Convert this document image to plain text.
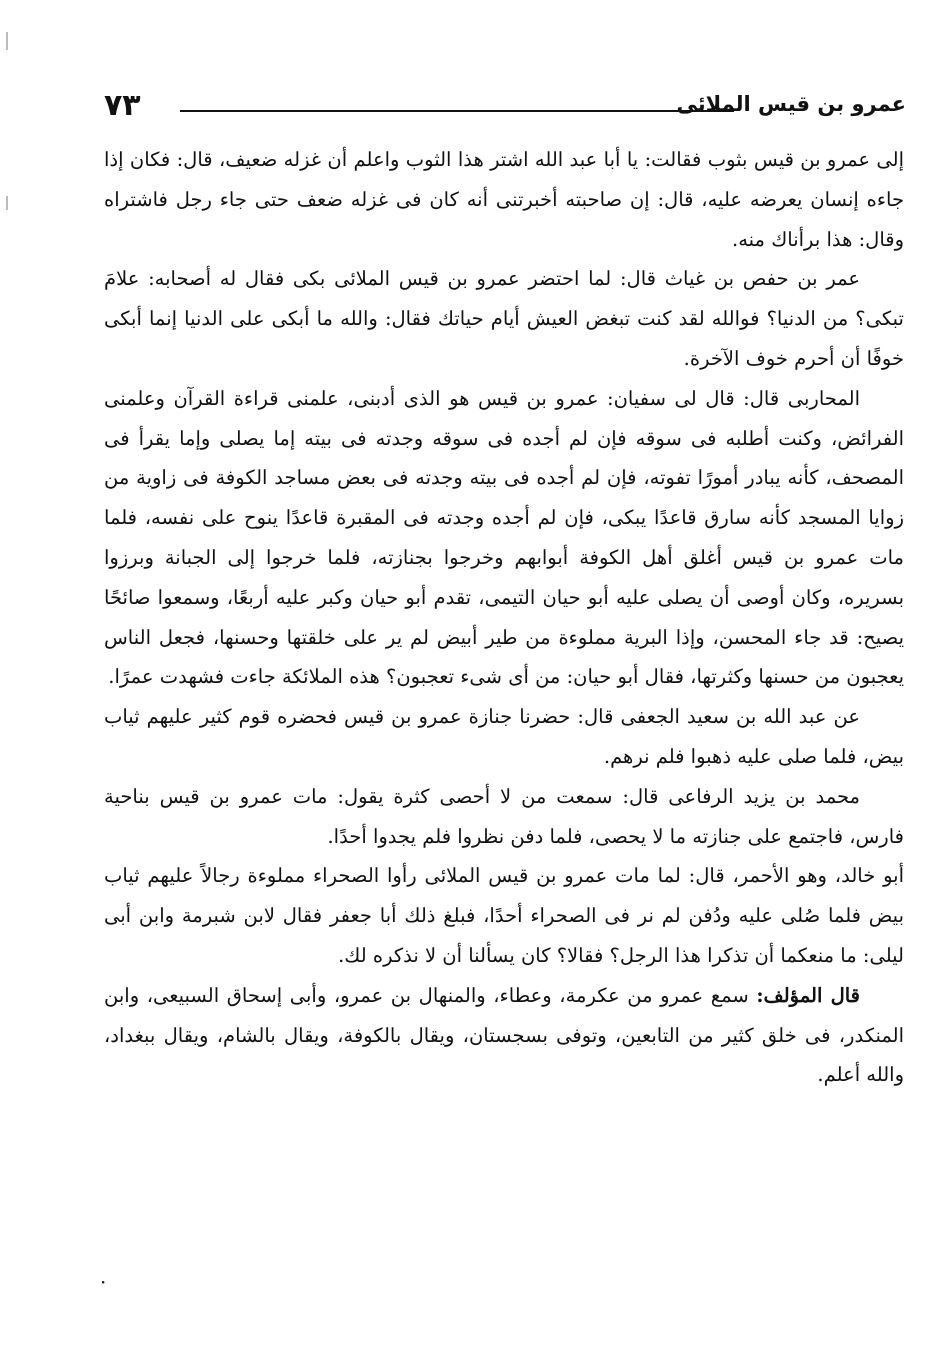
٧٣	عمرو بن قيس الملائى

إلى عمرو بن قيس بثوب فقالت: يا أبا عبد الله اشتر هذا الثوب واعلم أن غزله ضعيف، قال: فكان إذا جاءه إنسان يعرضه عليه، قال: إن صاحبته أخبرتنى أنه كان فى غزله ضعف حتى جاء رجل فاشتراه وقال: هذا برأناك منه.

عمر بن حفص بن غياث قال: لما احتضر عمرو بن قيس الملائى بكى فقال له أصحابه: علامَ تبكى؟ من الدنيا؟ فوالله لقد كنت تبغض العيش أيام حياتك فقال: والله ما أبكى على الدنيا إنما أبكى خوفًا أن أحرم خوف الآخرة.

المحاربى قال: قال لى سفيان: عمرو بن قيس هو الذى أدبنى، علمنى قراءة القرآن وعلمنى الفرائض، وكنت أطلبه فى سوقه فإن لم أجده فى سوقه وجدته فى بيته إما يصلى وإما يقرأ فى المصحف، كأنه يبادر أمورًا تفوته، فإن لم أجده فى بيته وجدته فى بعض مساجد الكوفة فى زاوية من زوايا المسجد كأنه سارق قاعدًا يبكى، فإن لم أجده وجدته فى المقبرة قاعدًا ينوح على نفسه، فلما مات عمرو بن قيس أغلق أهل الكوفة أبوابهم وخرجوا بجنازته، فلما خرجوا إلى الجبانة وبرزوا بسريره، وكان أوصى أن يصلى عليه أبو حيان التيمى، تقدم أبو حيان وكبر عليه أربعًا، وسمعوا صائحًا يصيح: قد جاء المحسن، وإذا البرية مملوءة من طير أبيض لم ير على خلقتها وحسنها، فجعل الناس يعجبون من حسنها وكثرتها، فقال أبو حيان: من أى شىء تعجبون؟ هذه الملائكة جاءت فشهدت عمرًا.

عن عبد الله بن سعيد الجعفى قال: حضرنا جنازة عمرو بن قيس فحضره قوم كثير عليهم ثياب بيض، فلما صلى عليه ذهبوا فلم نرهم.

محمد بن يزيد الرفاعى قال: سمعت من لا أحصى كثرة يقول: مات عمرو بن قيس بناحية فارس، فاجتمع على جنازته ما لا يحصى، فلما دفن نظروا فلم يجدوا أحدًا.

أبو خالد، وهو الأحمر، قال: لما مات عمرو بن قيس الملائى رأوا الصحراء مملوءة رجالاً عليهم ثياب بيض فلما صُلى عليه ودُفن لم نر فى الصحراء أحدًا، فبلغ ذلك أبا جعفر فقال لابن شبرمة وابن أبى ليلى: ما منعكما أن تذكرا هذا الرجل؟ فقالا؟ كان يسألنا أن لا نذكره لك.

قال المؤلف: سمع عمرو من عكرمة، وعطاء، والمنهال بن عمرو، وأبى إسحاق السبيعى، وابن المنكدر، فى خلق كثير من التابعين، وتوفى بسجستان، ويقال بالكوفة، ويقال بالشام، ويقال ببغداد، والله أعلم.

·
